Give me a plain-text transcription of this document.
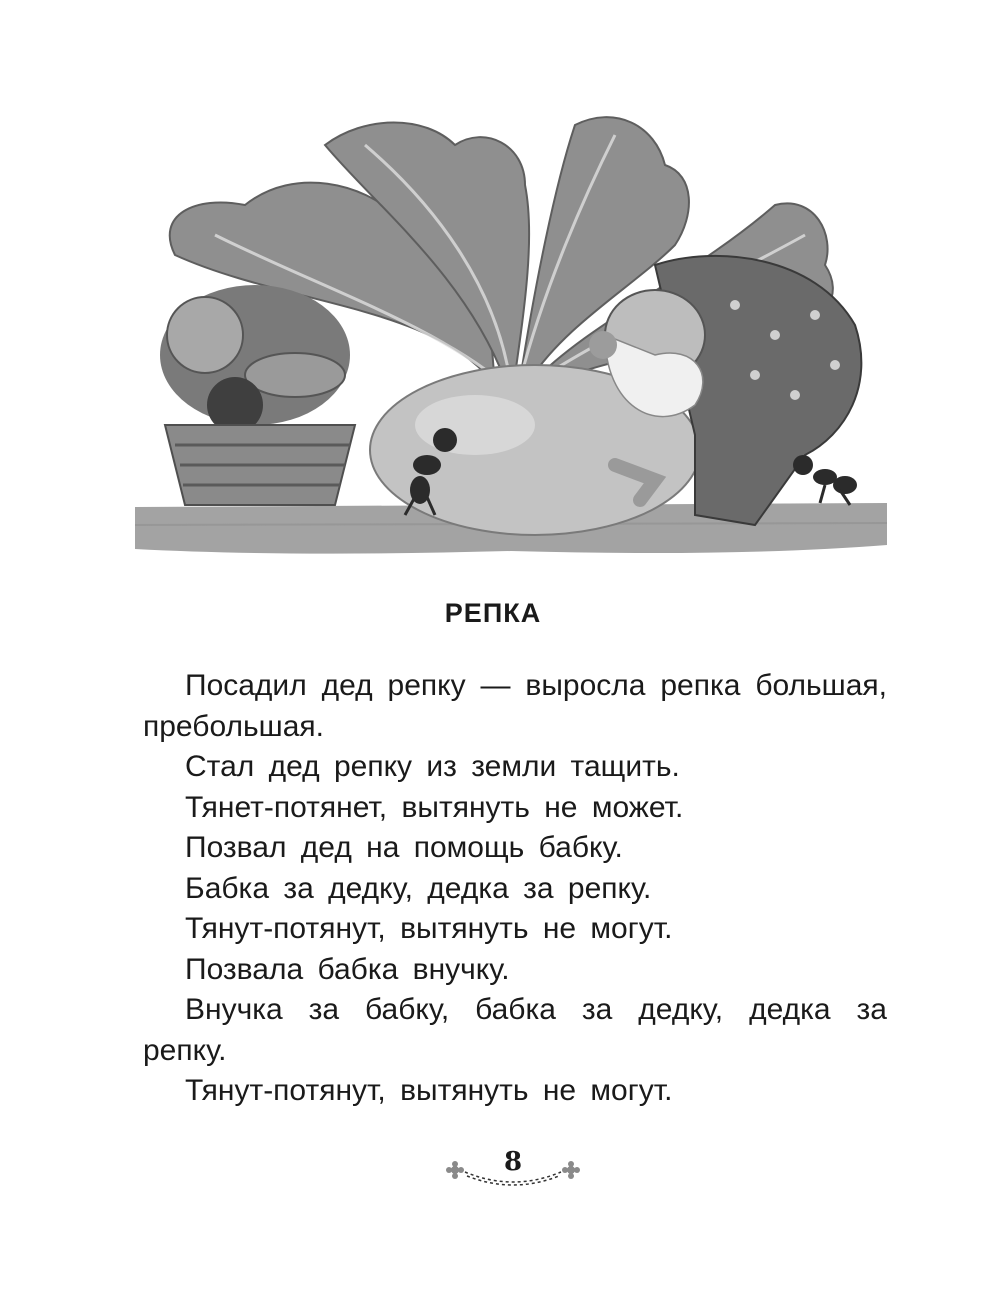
РЕПКА

Посадил дед репку — выросла репка большая, пребольшая.

Стал дед репку из земли тащить.

Тянет-потянет, вытянуть не может.

Позвал дед на помощь бабку.

Бабка за дедку, дедка за репку.

Тянут-потянут, вытянуть не могут.

Позвала бабка внучку.

Внучка за бабку, бабка за дедку, дедка за репку.

Тянут-потянут, вытянуть не могут.

8
